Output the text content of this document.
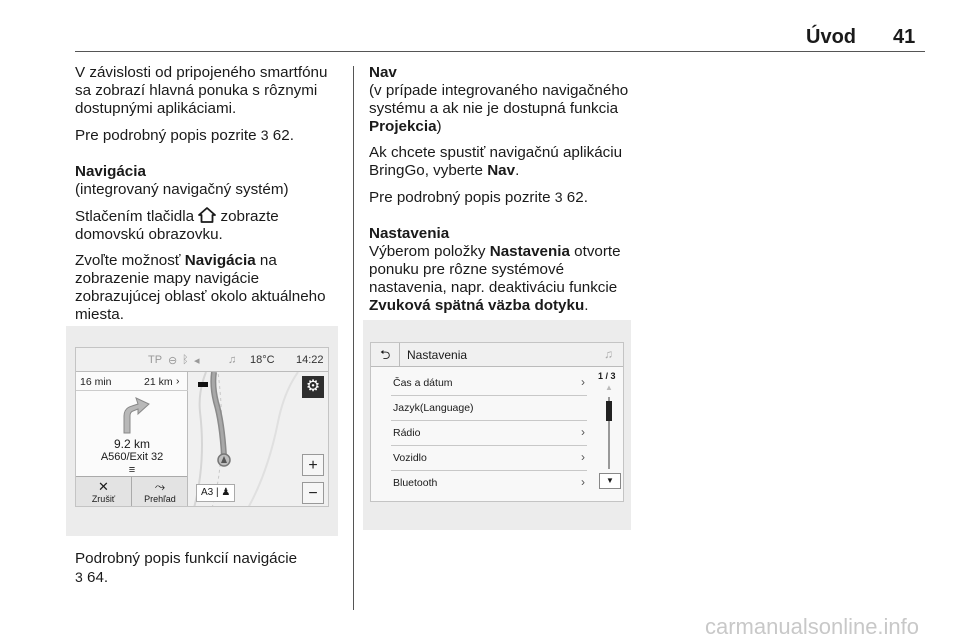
Úvod 41

V závislosti od pripojeného smartfónu sa zobrazí hlavná ponuka s rôznymi dostupnými aplikáciami.

Pre podrobný popis pozrite 3 62.

Navigácia

(integrovaný navigačný systém)

Stlačením tlačidla zobrazte domovskú obrazovku.

Zvoľte možnosť Navigácia na zobrazenie mapy navigácie zobrazujúcej oblasť okolo aktuálneho miesta.

TP ⊖ ᛒ ◂	♫ 18°C 14:22
16 min	21 km ›
9.2 km
A560/Exit 32
≡
✕
Zrušiť
⤳
Prehľad
⚙
+
−
A3 | ♟

Podrobný popis funkcií navigácie

3 64.

Nav

(v prípade integrovaného navigačného systému a ak nie je dostupná funkcia Projekcia)

Ak chcete spustiť navigačnú aplikáciu BringGo, vyberte Nav.

Pre podrobný popis pozrite 3 62.

Nastavenia

Výberom položky Nastavenia otvorte ponuku pre rôzne systémové nastavenia, napr. deaktiváciu funkcie Zvuková spätná väzba dotyku.

⮌ Nastavenia	♫
Čas a dátum	›
Jazyk(Language)
Rádio	›
Vozidlo	›
Bluetooth	›
1 / 3
▲
▼
carmanualsonline.info
